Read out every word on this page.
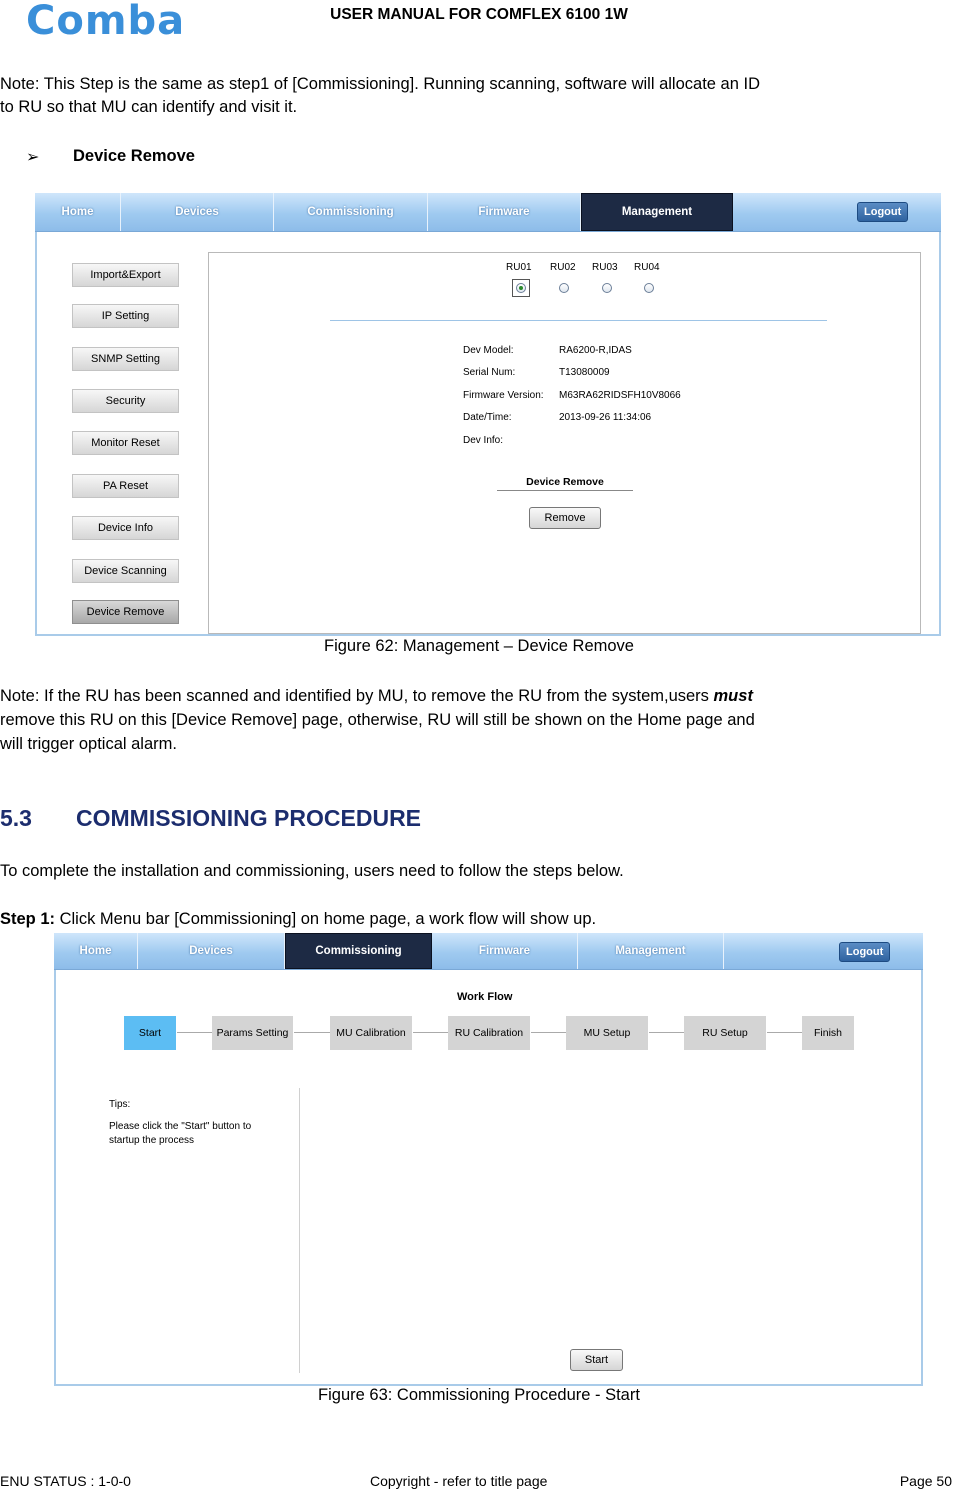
Comba	USER MANUAL FOR COMFLEX 6100 1W
Note: This Step is the same as step1 of [Commissioning]. Running scanning, software will allocate an ID
to RU so that MU can identify and visit it.
➢ Device Remove
Home	Devices	Commissioning	Firmware	Management	Logout
Import&Export
IP Setting
SNMP Setting
Security
Monitor Reset
PA Reset
Device Info
Device Scanning
Device Remove
RU01 RU02 RU03 RU04
Dev Model:	RA6200-R,IDAS
Serial Num:	T13080009
Firmware Version: M63RA62RIDSFH10V8066
Date/Time:	2013-09-26 11:34:06
Dev Info:
Device Remove
Remove
Figure 62: Management – Device Remove
Note: If the RU has been scanned and identified by MU, to remove the RU from the system,users must
remove this RU on this [Device Remove] page, otherwise, RU will still be shown on the Home page and
will trigger optical alarm.
5.3 COMMISSIONING PROCEDURE
To complete the installation and commissioning, users need to follow the steps below.
Step 1: Click Menu bar [Commissioning] on home page, a work flow will show up.
Home	Devices	Commissioning	Firmware	Management	Logout
Work Flow
Start	Params Setting	MU Calibration	RU Calibration	MU Setup	RU Setup	Finish
Tips:
Please click the "Start" button to
startup the process
Start
Figure 63: Commissioning Procedure - Start
ENU STATUS : 1-0-0	Copyright - refer to title page	Page 50
